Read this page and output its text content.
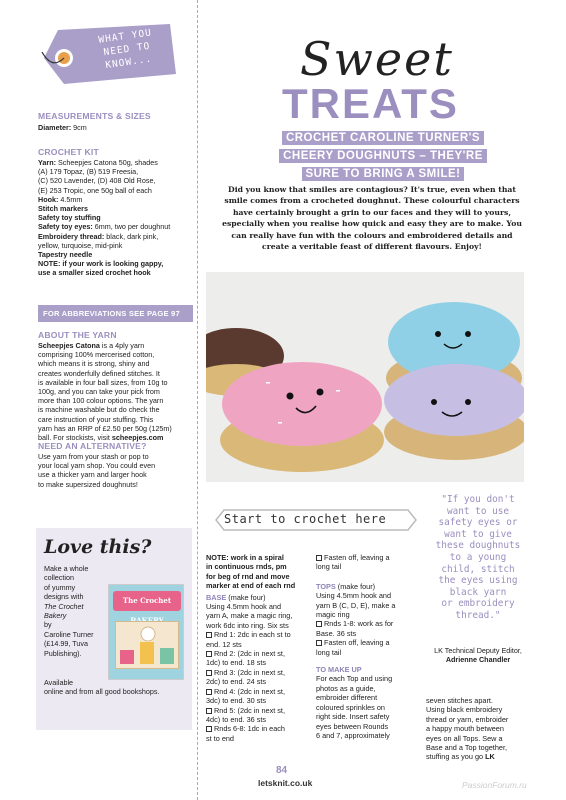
WHAT YOU
NEED TO
KNOW...
MEASUREMENTS & SIZES
Diameter: 9cm
CROCHET KIT
Yarn: Scheepjes Catona 50g, shades
(A) 179 Topaz, (B) 519 Freesia,
(C) 520 Lavender, (D) 408 Old Rose,
(E) 253 Tropic, one 50g ball of each
Hook: 4.5mm
Stitch markers
Safety toy stuffing
Safety toy eyes: 6mm, two per doughnut
Embroidery thread: black, dark pink,
yellow, turquoise, mid-pink
Tapestry needle
NOTE: if your work is looking gappy,
use a smaller sized crochet hook
FOR ABBREVIATIONS SEE PAGE 97
ABOUT THE YARN
Scheepjes Catona is a 4ply yarn
comprising 100% mercerised cotton,
which means it is strong, shiny and
creates wonderfully defined stitches. It
is available in four ball sizes, from 10g to
100g, and you can take your pick from
more than 100 colour options. The yarn
is machine washable but do check the
care instruction of your stuffing. This
yarn has an RRP of £2.50 per 50g (125m)
ball. For stockists, visit scheepjes.com
NEED AN ALTERNATIVE?
Use yarn from your stash or pop to
your local yarn shop. You could even
use a thicker yarn and larger hook
to make supersized doughnuts!
Love this?
Make a whole
collection
of yummy
designs with
The Crochet
Bakery
by
Caroline Turner
(£14.99, Tuva
Publishing).
Available
online and from all good bookshops.
The Crochet
Sweet
TREATS
CROCHET CAROLINE TURNER'S
CHEERY DOUGHNUTS – THEY'RE
SURE TO BRING A SMILE!
Did you know that smiles are contagious? It's true, even when that
smile comes from a crocheted doughnut. These colourful characters
have certainly brought a grin to our faces and they will to yours,
especially when you realise how quick and easy they are to make. You
can really have fun with the colours and embroidered details and
create a veritable feast of different flavours. Enjoy!
Start to crochet here
NOTE: work in a spiral
in continuous rnds, pm
for beg of rnd and move
marker at end of each rnd
BASE (make four)
Using 4.5mm hook and
yarn A, make a magic ring,
work 6dc into ring. Six sts
Rnd 1: 2dc in each st to
end. 12 sts
Rnd 2: (2dc in next st,
1dc) to end. 18 sts
Rnd 3: (2dc in next st,
2dc) to end. 24 sts
Rnd 4: (2dc in next st,
3dc) to end. 30 sts
Rnd 5: (2dc in next st,
4dc) to end. 36 sts
Rnds 6-8: 1dc in each
st to end
Fasten off, leaving a
long tail
TOPS (make four)
Using 4.5mm hook and
yarn B (C, D, E), make a
magic ring
Rnds 1-8: work as for
Base. 36 sts
Fasten off, leaving a
long tail
TO MAKE UP
For each Top and using
photos as a guide,
embroider different
coloured sprinkles on
right side. Insert safety
eyes between Rounds
6 and 7, approximately
seven stitches apart.
Using black embroidery
thread or yarn, embroider
a happy mouth between
eyes on all Tops. Sew a
Base and a Top together,
stuffing as you go LK
"If you don't
want to use
safety eyes or
want to give
these doughnuts
to a young
child, stitch
the eyes using
black yarn
or embroidery
thread."
LK Technical Deputy Editor,
Adrienne Chandler
84
letsknit.co.uk	PassionForum.ru
